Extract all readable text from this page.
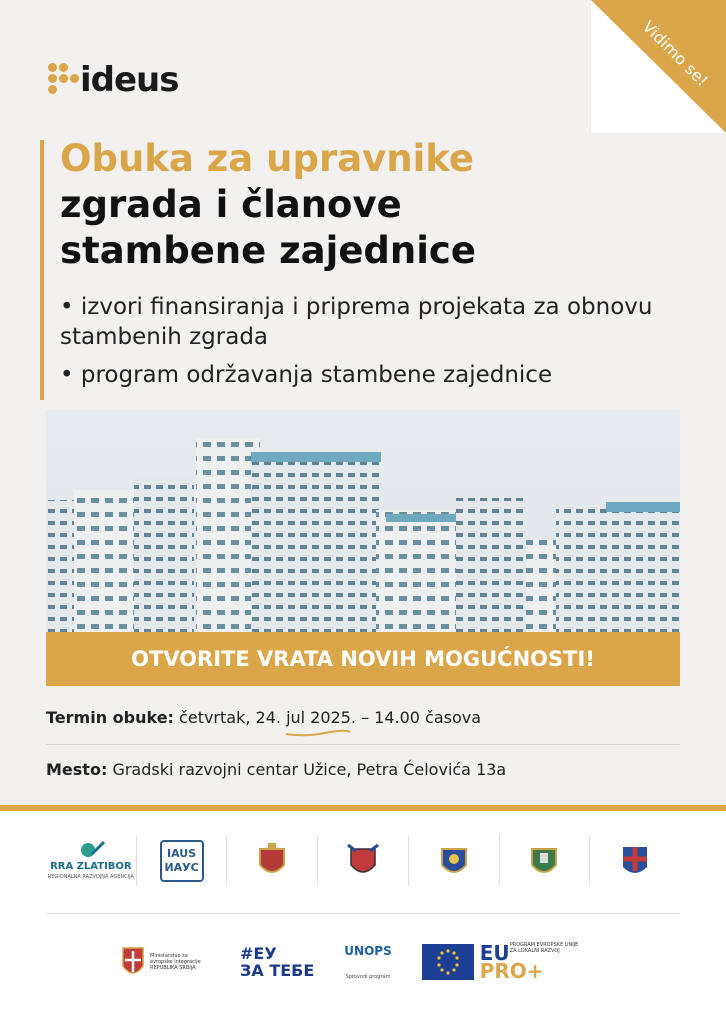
Vidimo se!
ideus
Obuka za upravnike
zgrada i članove
stambene zajednice
• izvori finansiranja i priprema projekata za obnovu stambenih zgrada
• program održavanja stambene zajednice
OTVORITE VRATA NOVIH MOGUĆNOSTI!
Termin obuke: četvrtak, 24. jul 2025. – 14.00 časova
Mesto: Gradski razvojni centar Užice, Petra Ćelovića 13a
RRA ZLATIBOR
REGIONALNA RAZVOJNA AGENCIJA
IAUS
ИАУС
Ministarstvo za evropske integracije REPUBLIKA SRBIJA
#ЕУ
ЗА ТЕБЕ
UNOPS
Sprovodi program
EU
PRO+
PROGRAM EVROPSKE UNIJE ZA LOKALNI RAZVOJ
